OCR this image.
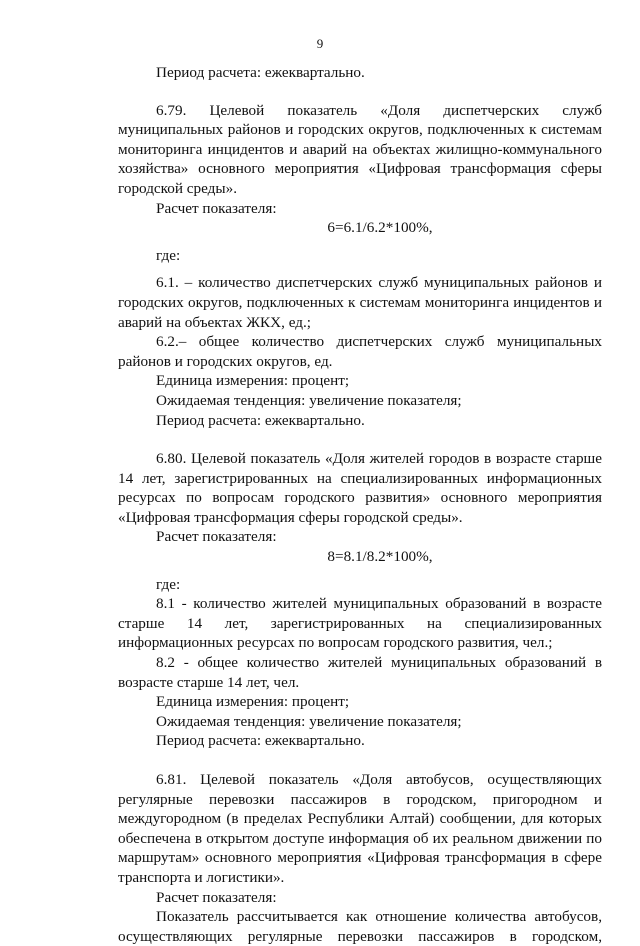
9

Период расчета: ежеквартально.

6.79. Целевой показатель «Доля диспетчерских служб муниципальных районов и городских округов, подключенных к системам мониторинга инцидентов и аварий на объектах жилищно-коммунального хозяйства» основного мероприятия «Цифровая трансформация сферы городской среды».

Расчет показателя:

6=6.1/6.2*100%,

где:

6.1. – количество диспетчерских служб муниципальных районов и городских округов, подключенных к системам мониторинга инцидентов и аварий на объектах ЖКХ, ед.;

6.2.– общее количество диспетчерских служб муниципальных районов и городских округов, ед.

Единица измерения: процент;

Ожидаемая тенденция: увеличение показателя;

Период расчета: ежеквартально.

6.80. Целевой показатель «Доля жителей городов в возрасте старше 14 лет, зарегистрированных на специализированных информационных ресурсах по вопросам городского развития» основного мероприятия «Цифровая трансформация сферы городской среды».

Расчет показателя:

8=8.1/8.2*100%,

где:

8.1 - количество жителей муниципальных образований в возрасте старше 14 лет, зарегистрированных на специализированных информационных ресурсах по вопросам городского развития, чел.;

8.2 - общее количество жителей муниципальных образований в возрасте старше 14 лет, чел.

Единица измерения: процент;

Ожидаемая тенденция: увеличение показателя;

Период расчета: ежеквартально.

6.81. Целевой показатель «Доля автобусов, осуществляющих регулярные перевозки пассажиров в городском, пригородном и междугородном (в пределах Республики Алтай) сообщении, для которых обеспечена в открытом доступе информация об их реальном движении по маршрутам» основного мероприятия «Цифровая трансформация в сфере транспорта и логистики».

Расчет показателя:

Показатель рассчитывается как отношение количества автобусов, осуществляющих регулярные перевозки пассажиров в городском,
